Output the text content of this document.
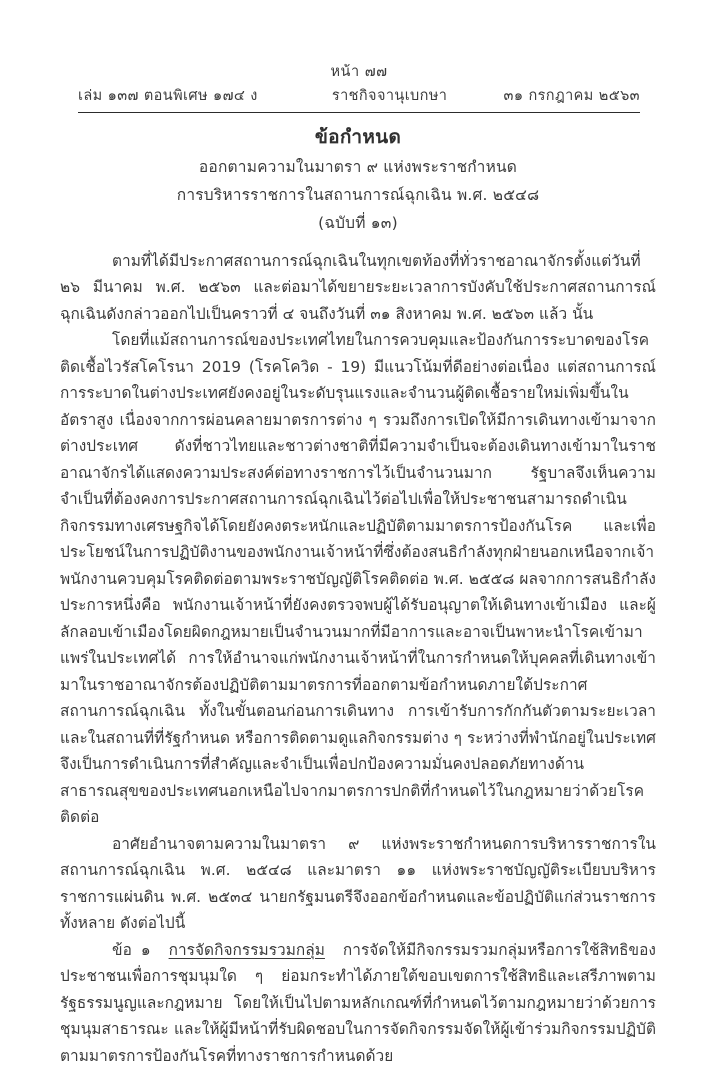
หน้า ๗๗
เล่ม ๑๓๗ ตอนพิเศษ ๑๗๔ ง	ราชกิจจานุเบกษา	๓๑ กรกฎาคม ๒๕๖๓
ข้อกำหนด
ออกตามความในมาตรา ๙ แห่งพระราชกำหนด
การบริหารราชการในสถานการณ์ฉุกเฉิน พ.ศ. ๒๕๔๘
(ฉบับที่ ๑๓)

ตามที่ได้มีประกาศสถานการณ์ฉุกเฉินในทุกเขตท้องที่ทั่วราชอาณาจักรตั้งแต่วันที่ ๒๖ มีนาคม พ.ศ. ๒๕๖๓ และต่อมาได้ขยายระยะเวลาการบังคับใช้ประกาศสถานการณ์ฉุกเฉินดังกล่าวออกไปเป็นคราวที่ ๔ จนถึงวันที่ ๓๑ สิงหาคม พ.ศ. ๒๕๖๓ แล้ว นั้น

โดยที่แม้สถานการณ์ของประเทศไทยในการควบคุมและป้องกันการระบาดของโรคติดเชื้อไวรัสโคโรนา 2019 (โรคโควิด - 19) มีแนวโน้มที่ดีอย่างต่อเนื่อง แต่สถานการณ์การระบาดในต่างประเทศยังคงอยู่ในระดับรุนแรงและจำนวนผู้ติดเชื้อรายใหม่เพิ่มขึ้นในอัตราสูง เนื่องจากการผ่อนคลายมาตรการต่าง ๆ รวมถึงการเปิดให้มีการเดินทางเข้ามาจากต่างประเทศ ดังที่ชาวไทยและชาวต่างชาติที่มีความจำเป็นจะต้องเดินทางเข้ามาในราชอาณาจักรได้แสดงความประสงค์ต่อทางราชการไว้เป็นจำนวนมาก รัฐบาลจึงเห็นความจำเป็นที่ต้องคงการประกาศสถานการณ์ฉุกเฉินไว้ต่อไปเพื่อให้ประชาชนสามารถดำเนินกิจกรรมทางเศรษฐกิจได้โดยยังคงตระหนักและปฏิบัติตามมาตรการป้องกันโรค และเพื่อประโยชน์ในการปฏิบัติงานของพนักงานเจ้าหน้าที่ซึ่งต้องสนธิกำลังทุกฝ่ายนอกเหนือจากเจ้าพนักงานควบคุมโรคติดต่อตามพระราชบัญญัติโรคติดต่อ พ.ศ. ๒๕๕๘ ผลจากการสนธิกำลังประการหนึ่งคือ พนักงานเจ้าหน้าที่ยังคงตรวจพบผู้ได้รับอนุญาตให้เดินทางเข้าเมือง และผู้ลักลอบเข้าเมืองโดยผิดกฎหมายเป็นจำนวนมากที่มีอาการและอาจเป็นพาหะนำโรคเข้ามาแพร่ในประเทศได้ การให้อำนาจแก่พนักงานเจ้าหน้าที่ในการกำหนดให้บุคคลที่เดินทางเข้ามาในราชอาณาจักรต้องปฏิบัติตามมาตรการที่ออกตามข้อกำหนดภายใต้ประกาศสถานการณ์ฉุกเฉิน ทั้งในขั้นตอนก่อนการเดินทาง การเข้ารับการกักกันตัวตามระยะเวลาและในสถานที่ที่รัฐกำหนด หรือการติดตามดูแลกิจกรรมต่าง ๆ ระหว่างที่พำนักอยู่ในประเทศ จึงเป็นการดำเนินการที่สำคัญและจำเป็นเพื่อปกป้องความมั่นคงปลอดภัยทางด้านสาธารณสุขของประเทศนอกเหนือไปจากมาตรการปกติที่กำหนดไว้ในกฎหมายว่าด้วยโรคติดต่อ

อาศัยอำนาจตามความในมาตรา ๙ แห่งพระราชกำหนดการบริหารราชการในสถานการณ์ฉุกเฉิน พ.ศ. ๒๕๔๘ และมาตรา ๑๑ แห่งพระราชบัญญัติระเบียบบริหารราชการแผ่นดิน พ.ศ. ๒๕๓๔ นายกรัฐมนตรีจึงออกข้อกำหนดและข้อปฏิบัติแก่ส่วนราชการทั้งหลาย ดังต่อไปนี้

ข้อ ๑ การจัดกิจกรรมรวมกลุ่ม การจัดให้มีกิจกรรมรวมกลุ่มหรือการใช้สิทธิของประชาชนเพื่อการชุมนุมใด ๆ ย่อมกระทำได้ภายใต้ขอบเขตการใช้สิทธิและเสรีภาพตามรัฐธรรมนูญและกฎหมาย โดยให้เป็นไปตามหลักเกณฑ์ที่กำหนดไว้ตามกฎหมายว่าด้วยการชุมนุมสาธารณะ และให้ผู้มีหน้าที่รับผิดชอบในการจัดกิจกรรมจัดให้ผู้เข้าร่วมกิจกรรมปฏิบัติตามมาตรการป้องกันโรคที่ทางราชการกำหนดด้วย
